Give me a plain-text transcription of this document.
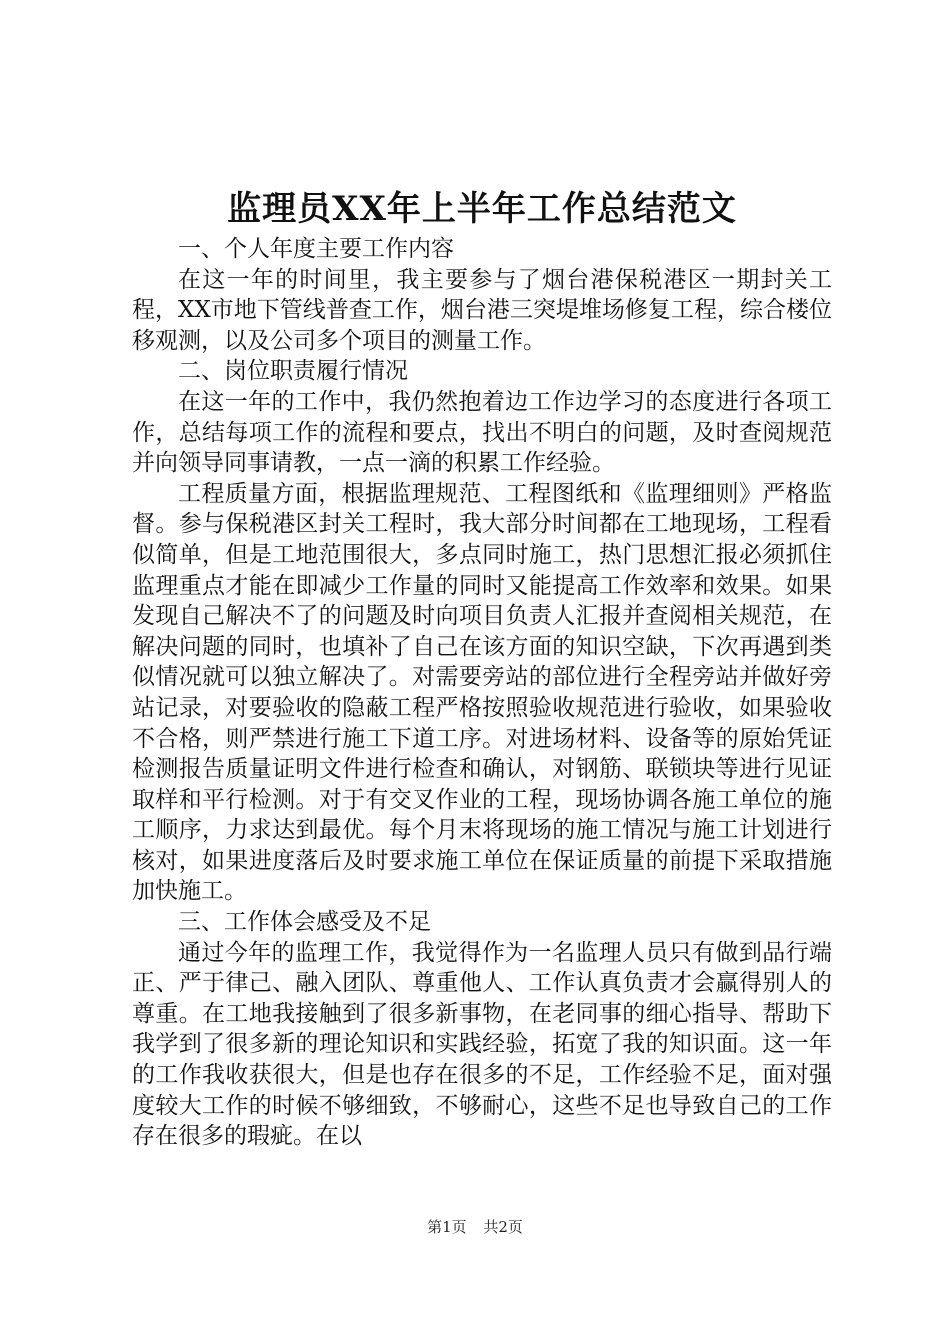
监理员XX年上半年工作总结范文

一、个人年度主要工作内容

在这一年的时间里，我主要参与了烟台港保税港区一期封关工程，XX市地下管线普查工作，烟台港三突堤堆场修复工程，综合楼位移观测，以及公司多个项目的测量工作。

二、岗位职责履行情况

在这一年的工作中，我仍然抱着边工作边学习的态度进行各项工作，总结每项工作的流程和要点，找出不明白的问题，及时查阅规范并向领导同事请教，一点一滴的积累工作经验。

工程质量方面，根据监理规范、工程图纸和《监理细则》严格监督。参与保税港区封关工程时，我大部分时间都在工地现场，工程看似简单，但是工地范围很大，多点同时施工，热门思想汇报必须抓住监理重点才能在即减少工作量的同时又能提高工作效率和效果。如果发现自己解决不了的问题及时向项目负责人汇报并查阅相关规范，在解决问题的同时，也填补了自己在该方面的知识空缺，下次再遇到类似情况就可以独立解决了。对需要旁站的部位进行全程旁站并做好旁站记录，对要验收的隐蔽工程严格按照验收规范进行验收，如果验收不合格，则严禁进行施工下道工序。对进场材料、设备等的原始凭证检测报告质量证明文件进行检查和确认，对钢筋、联锁块等进行见证取样和平行检测。对于有交叉作业的工程，现场协调各施工单位的施工顺序，力求达到最优。每个月末将现场的施工情况与施工计划进行核对，如果进度落后及时要求施工单位在保证质量的前提下采取措施加快施工。

三、工作体会感受及不足

通过今年的监理工作，我觉得作为一名监理人员只有做到品行端正、严于律己、融入团队、尊重他人、工作认真负责才会赢得别人的尊重。在工地我接触到了很多新事物，在老同事的细心指导、帮助下我学到了很多新的理论知识和实践经验，拓宽了我的知识面。这一年的工作我收获很大，但是也存在很多的不足，工作经验不足，面对强度较大工作的时候不够细致，不够耐心，这些不足也导致自己的工作存在很多的瑕疵。在以

第1页 共2页
